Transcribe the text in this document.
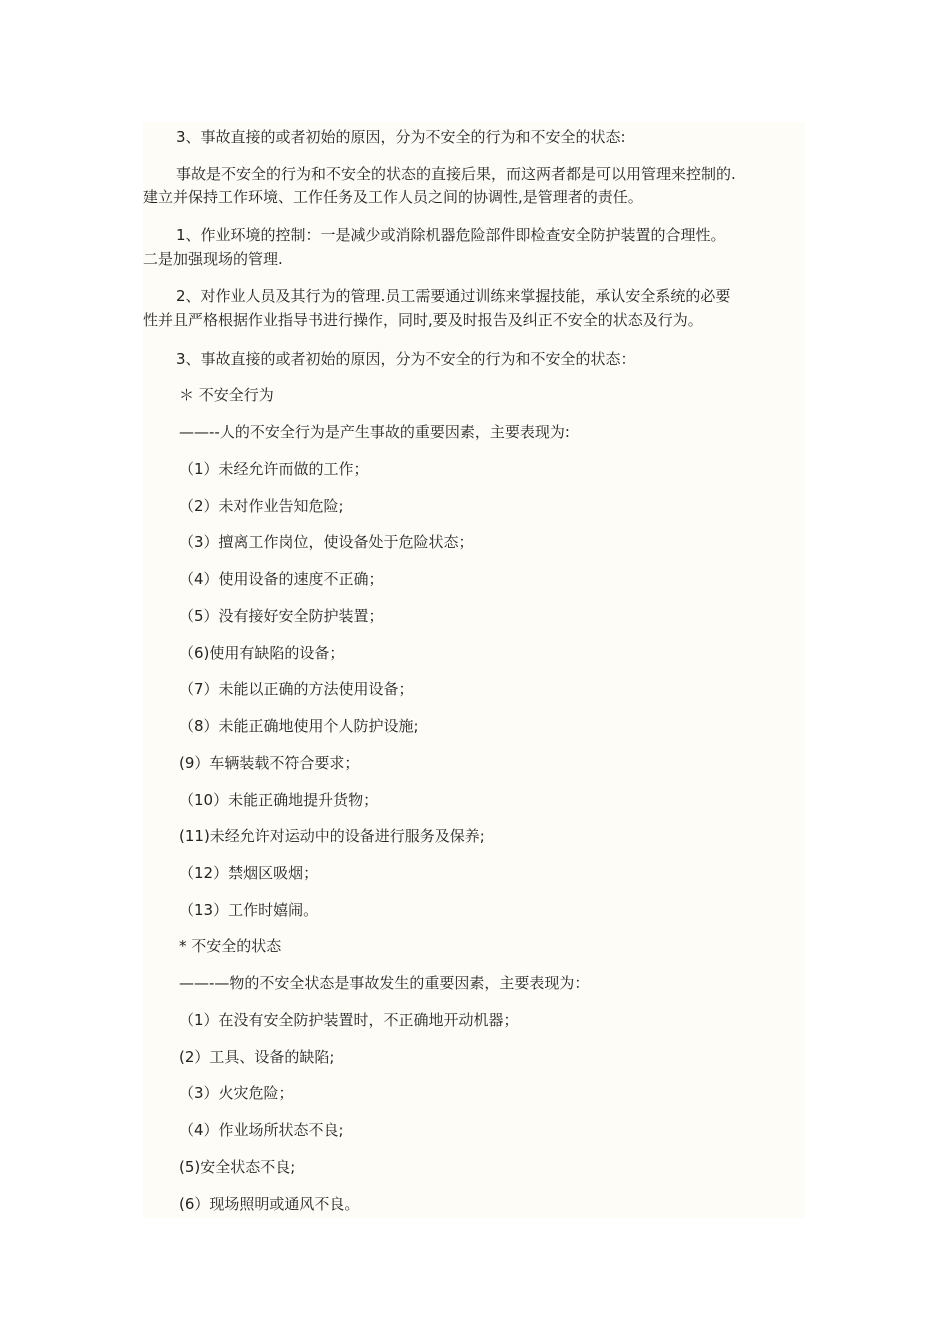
3、事故直接的或者初始的原因，分为不安全的行为和不安全的状态:
事故是不安全的行为和不安全的状态的直接后果，而这两者都是可以用管理来控制的.
建立并保持工作环境、工作任务及工作人员之间的协调性,是管理者的责任。
1、作业环境的控制：一是减少或消除机器危险部件即检查安全防护装置的合理性。
二是加强现场的管理.
2、对作业人员及其行为的管理.员工需要通过训练来掌握技能，承认安全系统的必要
性并且严格根据作业指导书进行操作，同时,要及时报告及纠正不安全的状态及行为。
3、事故直接的或者初始的原因，分为不安全的行为和不安全的状态：
＊ 不安全行为
——--人的不安全行为是产生事故的重要因素，主要表现为:
（1）未经允许而做的工作；
（2）未对作业告知危险;
（3）擅离工作岗位，使设备处于危险状态；
（4）使用设备的速度不正确；
（5）没有接好安全防护装置；
（6)使用有缺陷的设备；
（7）未能以正确的方法使用设备；
（8）未能正确地使用个人防护设施;
(9）车辆装载不符合要求；
（10）未能正确地提升货物；
(11)未经允许对运动中的设备进行服务及保养;
（12）禁烟区吸烟；
（13）工作时嬉闹。
* 不安全的状态
——-—物的不安全状态是事故发生的重要因素，主要表现为：
（1）在没有安全防护装置时，不正确地开动机器；
(2）工具、设备的缺陷;
（3）火灾危险；
（4）作业场所状态不良;
(5)安全状态不良;
(6）现场照明或通风不良。
